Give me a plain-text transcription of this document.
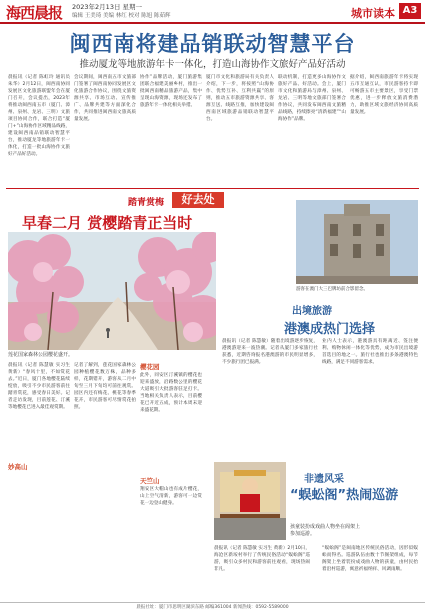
海西晨报	2023年2月13日 星期一
编辑 王美琦 美编 林红 校对 陈旭 陈茹辉	城市读本 A3
闽西南将建品销联动智慧平台
推动厦龙等地旅游年卡一体化，打造山海协作文旅好产品好活动
晨报讯（记者 陈虹玲 通讯员 朱华）2月12日，闽西南协同发展区文化旅游联盟年会在厦门召开，会议提出，2023年将推动闽西南五市（厦门、漳州、泉州、龙岩、三明）文旅项目协同合作，联合打造“厦门+”山海协作区域精品线路，建设闽西南品销联动智慧平台，推动厦龙等地旅游年卡一体化，打造一批山海协作文旅好产品好活动。
会议期间，闽西南五市文旅部门签署了闽西南协同发展区文化旅游合作协议，围绕文旅资源共享、市场互动、宣传推广、品牌共建等方面深化合作，共同推进闽西南文旅高质量发展。
协作”品牌活动，厦门旅游集团联合福建美丽乡村，推出一批闽西南精品旅游产品，集中呈现山海资源，现场还发布了旅游年卡一体化相关举措。
厦门市文化和旅游局有关负责人介绍，下一步，将按照“山海协作、优势互补、互利共赢”的原则，推动五市旅游资源共享、客源互送、线路互推，加快建设闽西南区域旅游品销联动智慧平台。
联动机制，打造更多山海协作文旅好产品、好活动。会上，厦门市文化和旅游局与漳州、泉州、龙岩、三明等地文旅部门签署合作协议，共同发布闽西南文旅精品线路，持续擦亮“清新福建”“山海协作”品牌。
据介绍，闽西南旅游年卡将实现五市互通互认，市民游客持卡即可畅游五市主要景区，享受门票优惠，进一步释放文旅消费潜力，助推区域文旅经济协同高质量发展。
踏青赏梅	好去处
早春二月 赏樱踏青正当时
莲花国家森林公园樱花盛开。
晨报讯（记者 陈慧敏 实习生 黄新）“春风十里，不如赏花去。”近日，厦门各地樱花陆续绽放，吸引不少市民游客前往踏青赏花，感受春日美好。记者走访发现，目前莲花、汀溪等地樱花已进入最佳观赏期。
妙高山
记者了解到，莲花国家森林公园种植樱花数万株，品种多样，花期错开，游客从二月中旬至三月下旬均可前往观赏。园区内还有梅花、桃花等春季花卉，市民游客可尽情赏花拍照。
樱花园
此外，同安区汀溪镇的樱花也迎来盛放，沿路数公里的樱花大道吸引大批游客驻足打卡。当地相关负责人表示，目前樱花已开近五成，预计本周末迎来盛花期。
天竺山
翔安区大帽山也有成片樱花，山上空气清新，游客可一边赏花一边登山健身。
出境旅游
港澳成热门选择
晨报讯（记者 陈慧敏）随着出境游逐步恢复，港澳游迎来一波热潮。记者从厦门多家旅行社获悉，近期咨询报名港澳游的市民明显增多，不少旅行团已报满。
业内人士表示，港澳游具有距离近、签注便利、购物休闲一体化等优势，成为市民出境游首选目的地之一。旅行社也推出多条港澳特色线路，满足不同游客需求。
孩童装扮成戏曲人物坐在阁架上参加巡游。
非遗风采
“蜈蚣阁”热闹巡游
晨报讯（记者 陈慧敏 实习生 黄新）2月10日，海沧区新垵村举行了传统民俗活动“蜈蚣阁”巡游，吸引众多村民和游客前往观看，现场热闹非凡。
“蜈蚣阁”是闽南地区传统民俗活动，因形似蜈蚣而得名。巡游队伍由数十节阁架组成，每节阁架上坐着装扮成戏曲人物的孩童，由村民抬着沿村巡游，寓意祈福纳祥、风调雨顺。
游客在澳门大三巴牌坊前合影留念。
晨报社址：厦门市思明区湖滨东路 邮编361004 新闻热线：0592-5589000
